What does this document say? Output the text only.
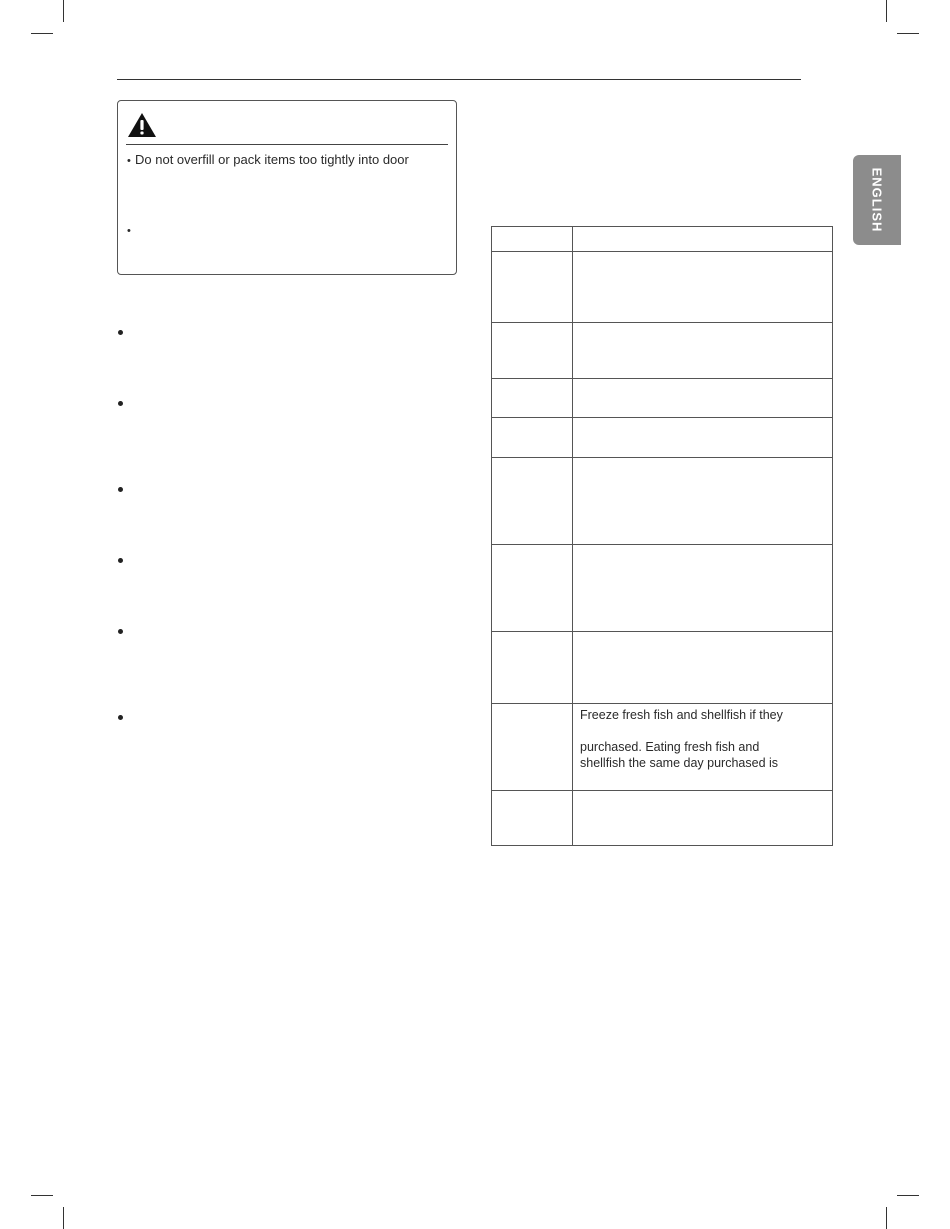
• Do not overfill or pack items too tightly into door
•	ENGLISH

	Freeze fresh fish and shellfish if they
purchased. Eating fresh fish and
shellfish the same day purchased is
